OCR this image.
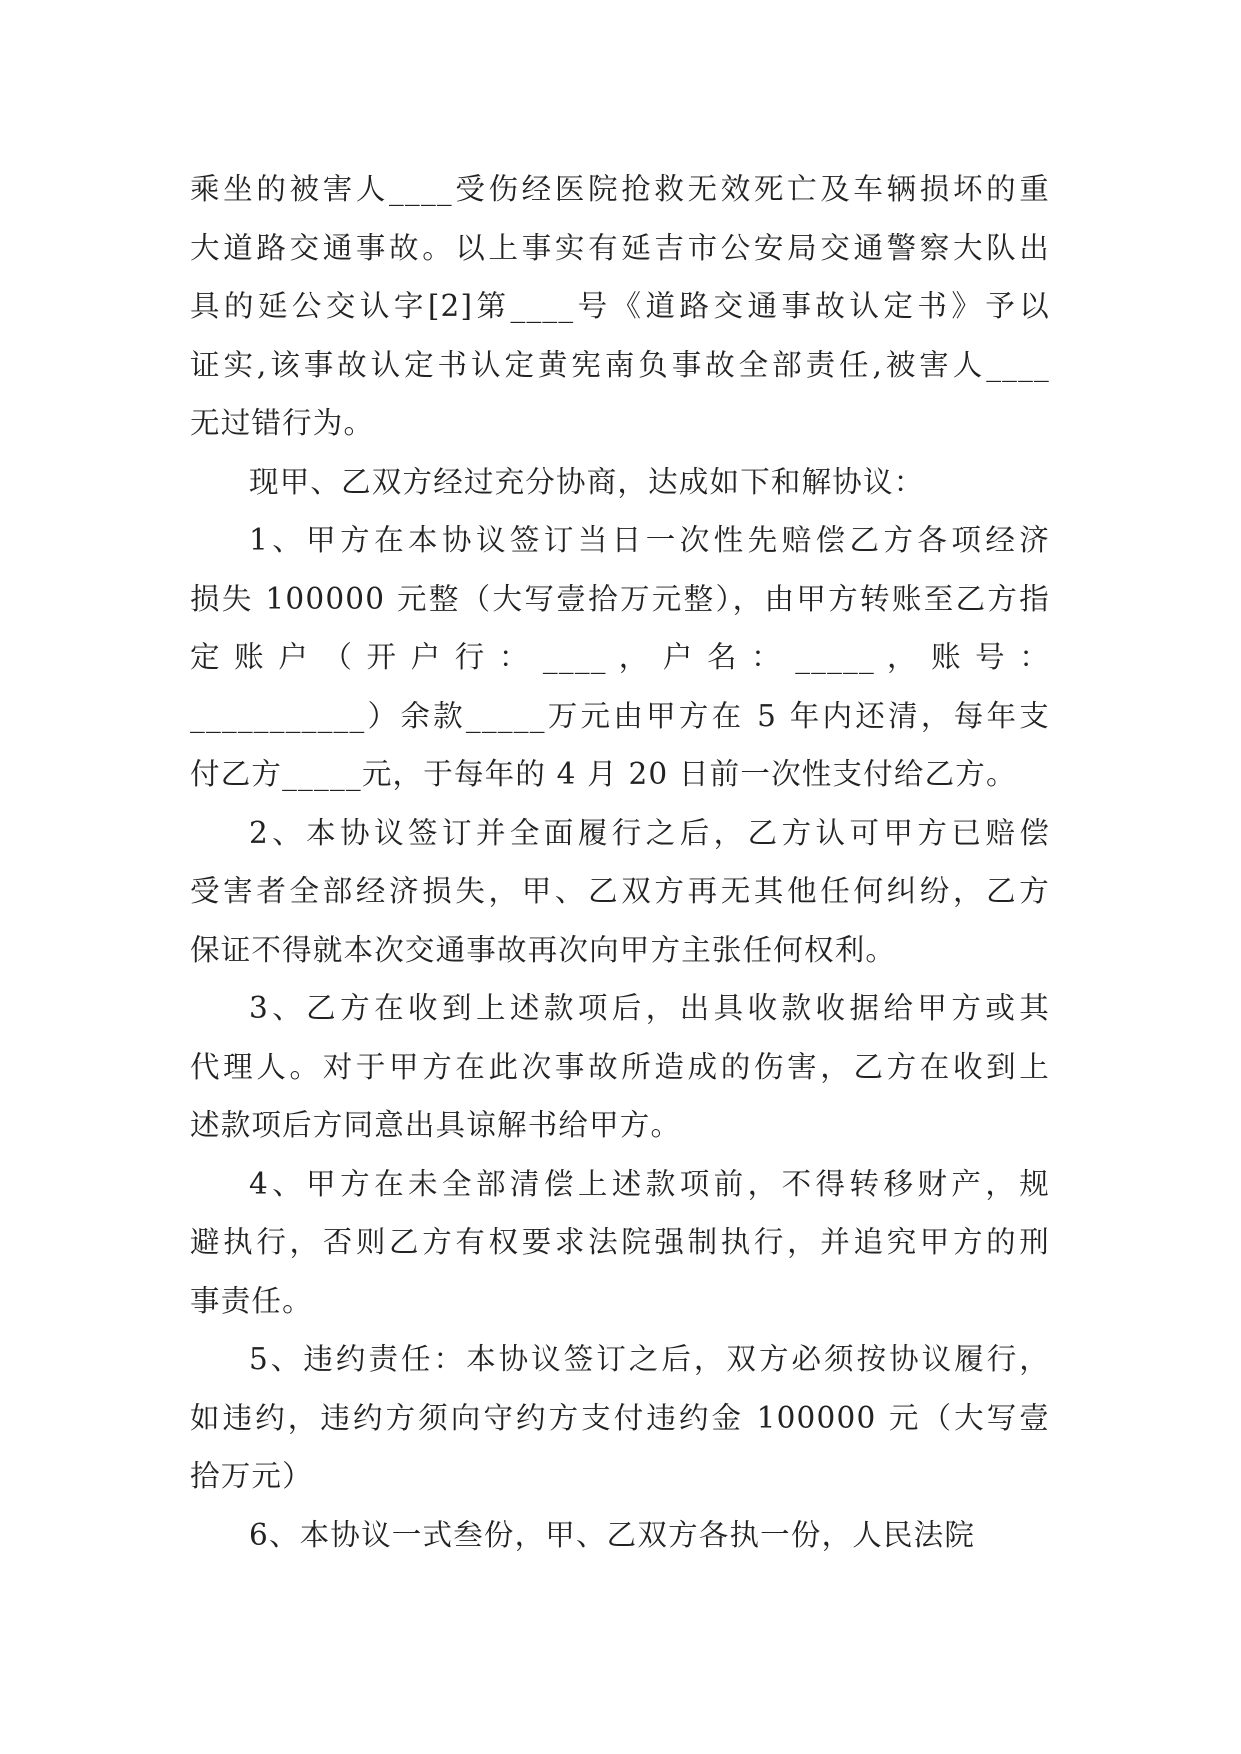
乘坐的被害人____受伤经医院抢救无效死亡及车辆损坏的重
大道路交通事故。以上事实有延吉市公安局交通警察大队出
具的延公交认字[2]第____号《道路交通事故认定书》予以
证实,该事故认定书认定黄宪南负事故全部责任,被害人____
无过错行为。

现甲、乙双方经过充分协商，达成如下和解协议：

1、甲方在本协议签订当日一次性先赔偿乙方各项经济
损失 100000 元整（大写壹拾万元整），由甲方转账至乙方指
定 账 户 （ 开 户 行 ： ____ ， 户 名 ： _____ ， 账 号 ：
___________）余款_____万元由甲方在 5 年内还清，每年支
付乙方_____元，于每年的 4 月 20 日前一次性支付给乙方。

2、本协议签订并全面履行之后，乙方认可甲方已赔偿
受害者全部经济损失，甲、乙双方再无其他任何纠纷，乙方
保证不得就本次交通事故再次向甲方主张任何权利。

3、乙方在收到上述款项后，出具收款收据给甲方或其
代理人。对于甲方在此次事故所造成的伤害，乙方在收到上
述款项后方同意出具谅解书给甲方。

4、甲方在未全部清偿上述款项前，不得转移财产，规
避执行，否则乙方有权要求法院强制执行，并追究甲方的刑
事责任。

5、违约责任：本协议签订之后，双方必须按协议履行，
如违约，违约方须向守约方支付违约金 100000 元（大写壹
拾万元）

6、本协议一式叁份，甲、乙双方各执一份，人民法院
